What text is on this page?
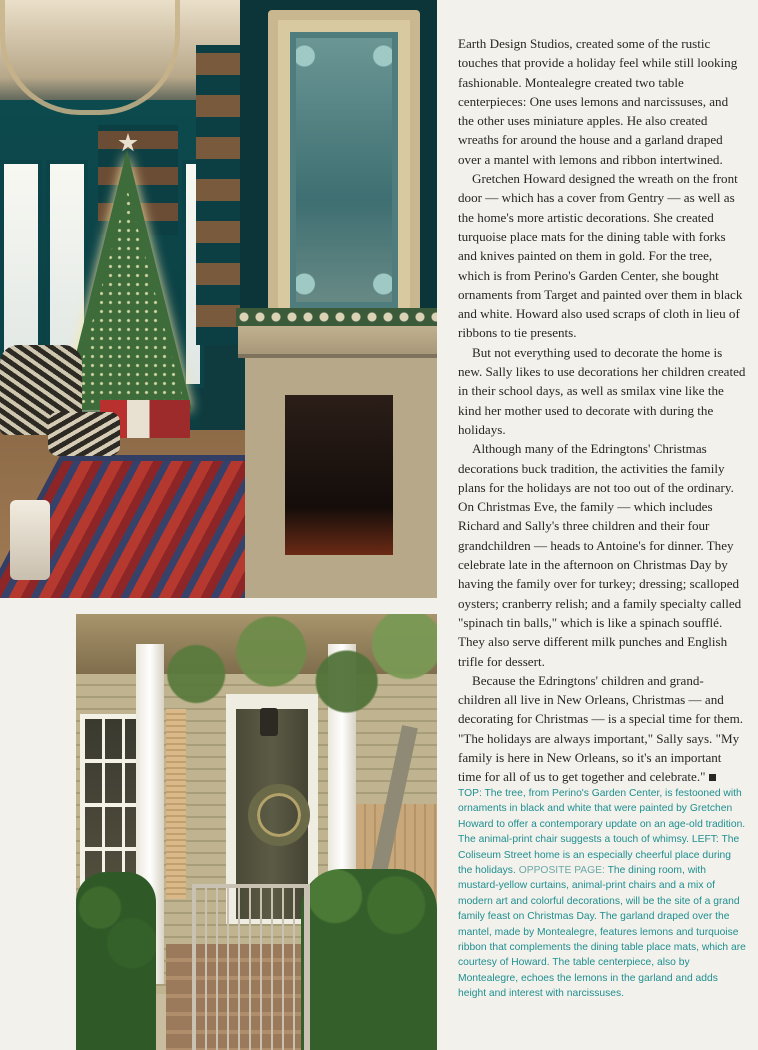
Earth Design Studios, created some of the rustic touches that provide a holiday feel while still looking fashionable. Montealegre created two table centerpieces: One uses lemons and narcissuses, and the other uses miniature apples. He also created wreaths for around the house and a garland draped over a mantel with lemons and ribbon intertwined.

Gretchen Howard designed the wreath on the front door — which has a cover from Gentry — as well as the home's more artistic decorations. She created turquoise place mats for the dining table with forks and knives painted on them in gold. For the tree, which is from Perino's Garden Center, she bought ornaments from Target and painted over them in black and white. Howard also used scraps of cloth in lieu of ribbons to tie presents.

But not everything used to decorate the home is new. Sally likes to use decorations her children created in their school days, as well as smilax vine like the kind her mother used to decorate with during the holidays.

Although many of the Edringtons' Christmas decorations buck tradition, the activities the family plans for the holidays are not too out of the ordinary. On Christmas Eve, the family — which includes Richard and Sally's three children and their four grandchildren — heads to Antoine's for dinner. They celebrate late in the afternoon on Christmas Day by having the family over for turkey; dressing; scalloped oysters; cranberry relish; and a family specialty called "spinach tin balls," which is like a spinach soufflé. They also serve different milk punches and English trifle for dessert.

Because the Edringtons' children and grand-children all live in New Orleans, Christmas — and decorating for Christmas — is a special time for them. "The holidays are always important," Sally says. "My family is here in New Orleans, so it's an important time for all of us to get together and celebrate."

TOP: The tree, from Perino's Garden Center, is festooned with ornaments in black and white that were painted by Gretchen Howard to offer a contemporary update on an age-old tradition. The animal-print chair suggests a touch of whimsy. LEFT: The Coliseum Street home is an especially cheerful place during the holidays. OPPOSITE PAGE: The dining room, with mustard-yellow curtains, animal-print chairs and a mix of modern art and colorful decorations, will be the site of a grand family feast on Christmas Day. The garland draped over the mantel, made by Montealegre, features lemons and turquoise ribbon that complements the dining table place mats, which are courtesy of Howard. The table centerpiece, also by Montealegre, echoes the lemons in the garland and adds height and interest with narcissuses.
